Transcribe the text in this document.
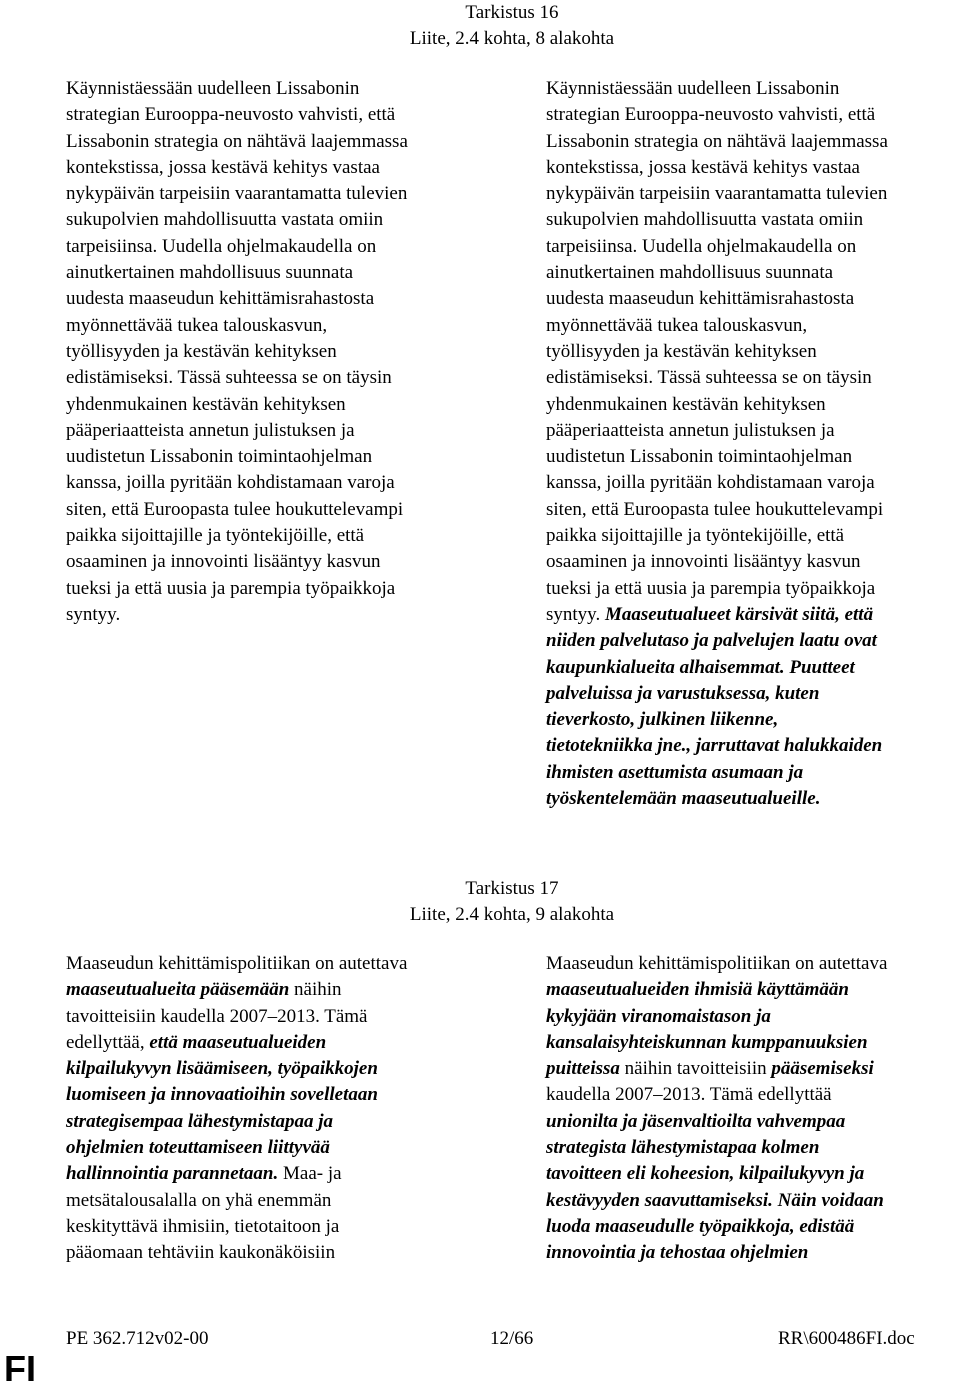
Tarkistus 16
Liite, 2.4 kohta, 8 alakohta
Käynnistäessään uudelleen Lissabonin
strategian Eurooppa-neuvosto vahvisti, että
Lissabonin strategia on nähtävä laajemmassa
kontekstissa, jossa kestävä kehitys vastaa
nykypäivän tarpeisiin vaarantamatta tulevien
sukupolvien mahdollisuutta vastata omiin
tarpeisiinsa. Uudella ohjelmakaudella on
ainutkertainen mahdollisuus suunnata
uudesta maaseudun kehittämisrahastosta
myönnettävää tukea talouskasvun,
työllisyyden ja kestävän kehityksen
edistämiseksi. Tässä suhteessa se on täysin
yhdenmukainen kestävän kehityksen
pääperiaatteista annetun julistuksen ja
uudistetun Lissabonin toimintaohjelman
kanssa, joilla pyritään kohdistamaan varoja
siten, että Euroopasta tulee houkuttelevampi
paikka sijoittajille ja työntekijöille, että
osaaminen ja innovointi lisääntyy kasvun
tueksi ja että uusia ja parempia työpaikkoja
syntyy.
Käynnistäessään uudelleen Lissabonin
strategian Eurooppa-neuvosto vahvisti, että
Lissabonin strategia on nähtävä laajemmassa
kontekstissa, jossa kestävä kehitys vastaa
nykypäivän tarpeisiin vaarantamatta tulevien
sukupolvien mahdollisuutta vastata omiin
tarpeisiinsa. Uudella ohjelmakaudella on
ainutkertainen mahdollisuus suunnata
uudesta maaseudun kehittämisrahastosta
myönnettävää tukea talouskasvun,
työllisyyden ja kestävän kehityksen
edistämiseksi. Tässä suhteessa se on täysin
yhdenmukainen kestävän kehityksen
pääperiaatteista annetun julistuksen ja
uudistetun Lissabonin toimintaohjelman
kanssa, joilla pyritään kohdistamaan varoja
siten, että Euroopasta tulee houkuttelevampi
paikka sijoittajille ja työntekijöille, että
osaaminen ja innovointi lisääntyy kasvun
tueksi ja että uusia ja parempia työpaikkoja
syntyy. Maaseutualueet kärsivät siitä, että
niiden palvelutaso ja palvelujen laatu ovat
kaupunkialueita alhaisemmat. Puutteet
palveluissa ja varustuksessa, kuten
tieverkosto, julkinen liikenne,
tietotekniikka jne., jarruttavat halukkaiden
ihmisten asettumista asumaan ja
työskentelemään maaseutualueille.
Tarkistus 17
Liite, 2.4 kohta, 9 alakohta
Maaseudun kehittämispolitiikan on autettava
maaseutualueita pääsemään näihin
tavoitteisiin kaudella 2007–2013. Tämä
edellyttää, että maaseutualueiden
kilpailukyvyn lisäämiseen, työpaikkojen
luomiseen ja innovaatioihin sovelletaan
strategisempaa lähestymistapaa ja
ohjelmien toteuttamiseen liittyvää
hallinnointia parannetaan. Maa- ja
metsätalousalalla on yhä enemmän
keskityttävä ihmisiin, tietotaitoon ja
pääomaan tehtäviin kaukonäköisiin
Maaseudun kehittämispolitiikan on autettava
maaseutualueiden ihmisiä käyttämään
kykyjään viranomaistason ja
kansalaisyhteiskunnan kumppanuuksien
puitteissa näihin tavoitteisiin pääsemiseksi
kaudella 2007–2013. Tämä edellyttää
unionilta ja jäsenvaltioilta vahvempaa
strategista lähestymistapaa kolmen
tavoitteen eli koheesion, kilpailukyvyn ja
kestävyyden saavuttamiseksi. Näin voidaan
luoda maaseudulle työpaikkoja, edistää
innovointia ja tehostaa ohjelmien
PE 362.712v02-00	12/66	RR\600486FI.doc
FI
